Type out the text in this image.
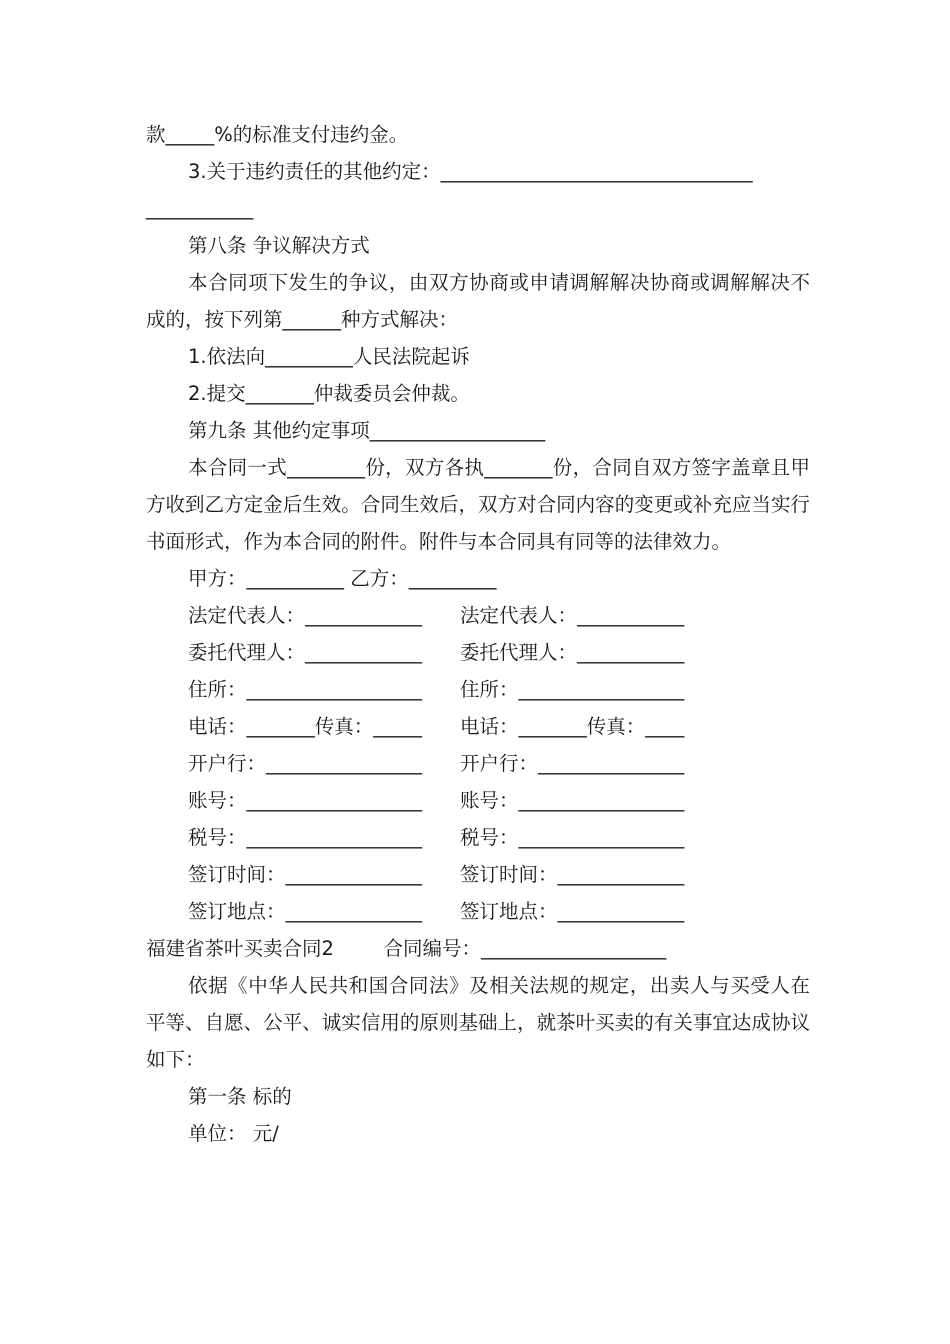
款_____%的标准支付违约金。

3.关于违约责任的其他约定：________________________________

___________

第八条 争议解决方式

本合同项下发生的争议，由双方协商或申请调解解决协商或调解解决不成的，按下列第______种方式解决：

1.依法向_________人民法院起诉

2.提交_______仲裁委员会仲裁。

第九条 其他约定事项__________________

本合同一式________份，双方各执_______份，合同自双方签字盖章且甲方收到乙方定金后生效。合同生效后，双方对合同内容的变更或补充应当实行书面形式，作为本合同的附件。附件与本合同具有同等的法律效力。

甲方：__________ 乙方：_________

法定代表人：____________	法定代表人：___________
委托代理人：____________	委托代理人：___________
住所：__________________	住所：_________________
电话：_______传真：_____	电话：_______传真：____
开户行：________________	开户行：_______________
账号：__________________	账号：_________________
税号：__________________	税号：_________________
签订时间：______________	签订时间：_____________
签订地点：______________	签订地点：_____________

福建省茶叶买卖合同2        合同编号：___________________

依据《中华人民共和国合同法》及相关法规的规定，出卖人与买受人在平等、自愿、公平、诚实信用的原则基础上，就茶叶买卖的有关事宜达成协议如下：

第一条 标的

单位： 元/
